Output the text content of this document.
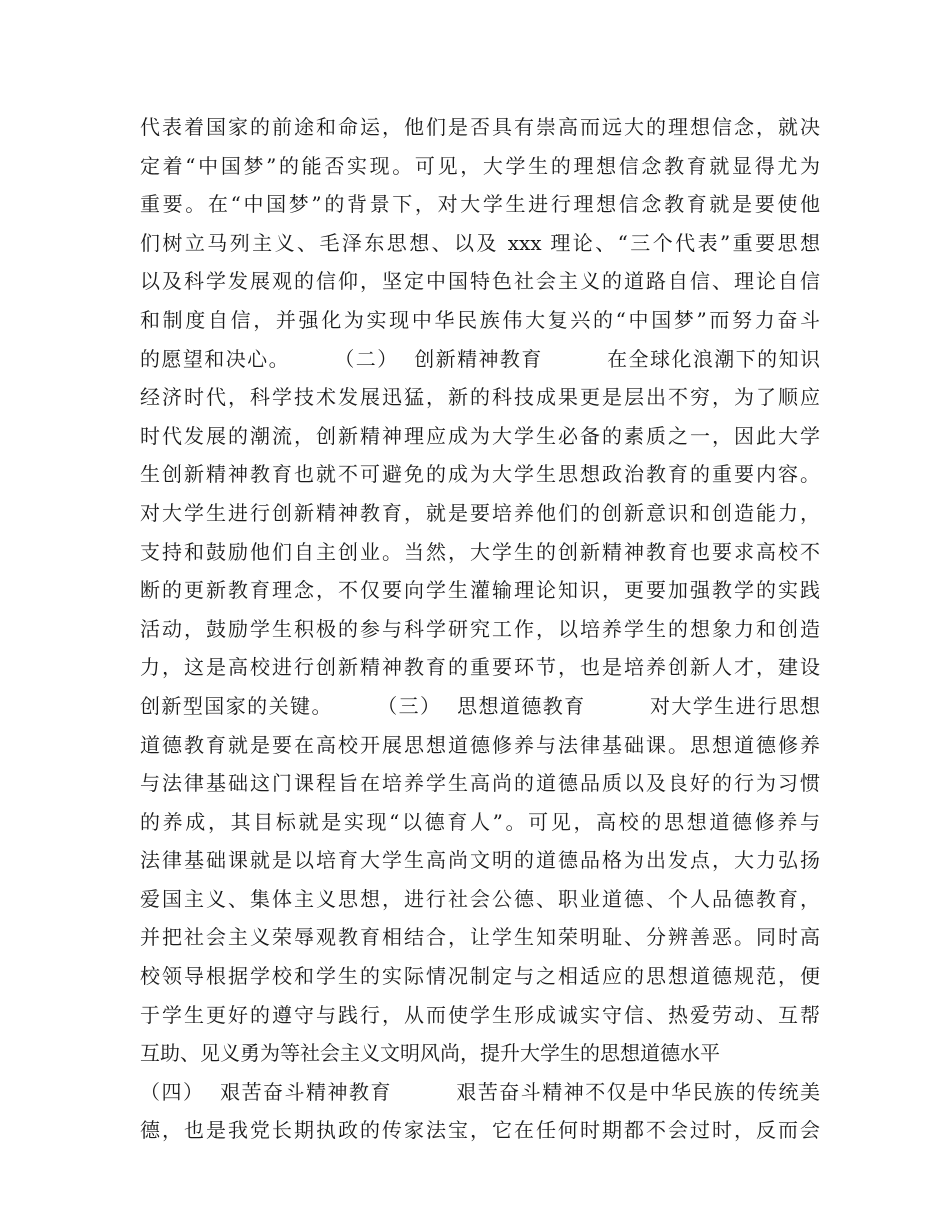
代表着国家的前途和命运，他们是否具有崇高而远大的理想信念，就决
定着“中国梦”的能否实现。可见，大学生的理想信念教育就显得尤为
重要。在“中国梦”的背景下，对大学生进行理想信念教育就是要使他
们树立马列主义、毛泽东思想、以及 xxx 理论、“三个代表”重要思想
以及科学发展观的信仰，坚定中国特色社会主义的道路自信、理论自信
和制度自信，并强化为实现中华民族伟大复兴的“中国梦”而努力奋斗
的愿望和决心。　　　（二）  创新精神教育　　　在全球化浪潮下的知识
经济时代，科学技术发展迅猛，新的科技成果更是层出不穷，为了顺应
时代发展的潮流，创新精神理应成为大学生必备的素质之一，因此大学
生创新精神教育也就不可避免的成为大学生思想政治教育的重要内容。
对大学生进行创新精神教育，就是要培养他们的创新意识和创造能力，
支持和鼓励他们自主创业。当然，大学生的创新精神教育也要求高校不
断的更新教育理念，不仅要向学生灌输理论知识，更要加强教学的实践
活动，鼓励学生积极的参与科学研究工作，以培养学生的想象力和创造
力，这是高校进行创新精神教育的重要环节，也是培养创新人才，建设
创新型国家的关键。　　　（三）  思想道德教育　　　对大学生进行思想
道德教育就是要在高校开展思想道德修养与法律基础课。思想道德修养
与法律基础这门课程旨在培养学生高尚的道德品质以及良好的行为习惯
的养成，其目标就是实现“以德育人”。可见，高校的思想道德修养与
法律基础课就是以培育大学生高尚文明的道德品格为出发点，大力弘扬
爱国主义、集体主义思想，进行社会公德、职业道德、个人品德教育，
并把社会主义荣辱观教育相结合，让学生知荣明耻、分辨善恶。同时高
校领导根据学校和学生的实际情况制定与之相适应的思想道德规范，便
于学生更好的遵守与践行，从而使学生形成诚实守信、热爱劳动、互帮
互助、见义勇为等社会主义文明风尚，提升大学生的思想道德水平
（四）  艰苦奋斗精神教育　　　艰苦奋斗精神不仅是中华民族的传统美
德，也是我党长期执政的传家法宝，它在任何时期都不会过时，反而会
